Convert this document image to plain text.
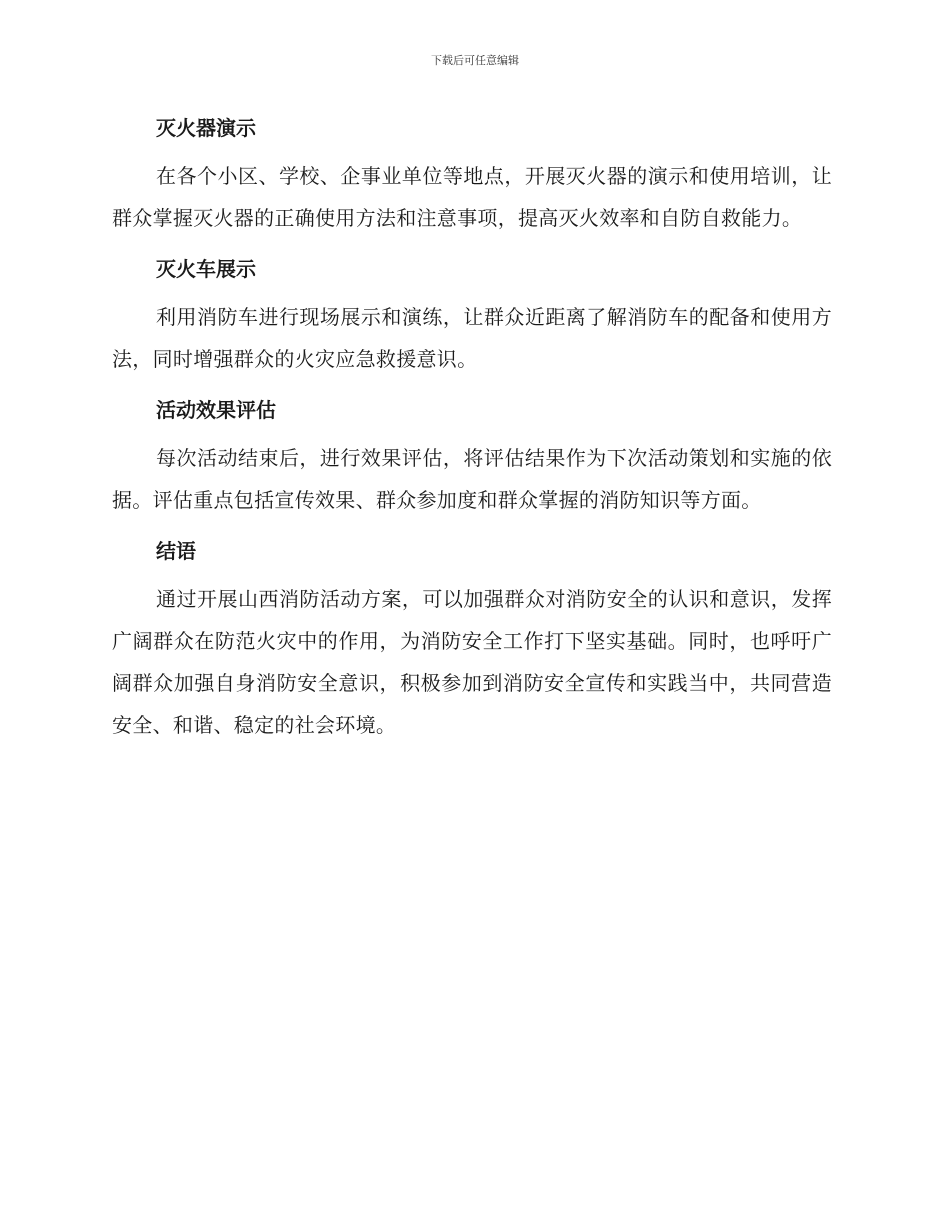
下载后可任意编辑
灭火器演示

在各个小区、学校、企事业单位等地点，开展灭火器的演示和使用培训，让群众掌握灭火器的正确使用方法和注意事项，提高灭火效率和自防自救能力。

灭火车展示

利用消防车进行现场展示和演练，让群众近距离了解消防车的配备和使用方法，同时增强群众的火灾应急救援意识。

活动效果评估

每次活动结束后，进行效果评估，将评估结果作为下次活动策划和实施的依据。评估重点包括宣传效果、群众参加度和群众掌握的消防知识等方面。

结语

通过开展山西消防活动方案，可以加强群众对消防安全的认识和意识，发挥广阔群众在防范火灾中的作用，为消防安全工作打下坚实基础。同时，也呼吁广阔群众加强自身消防安全意识，积极参加到消防安全宣传和实践当中，共同营造安全、和谐、稳定的社会环境。
